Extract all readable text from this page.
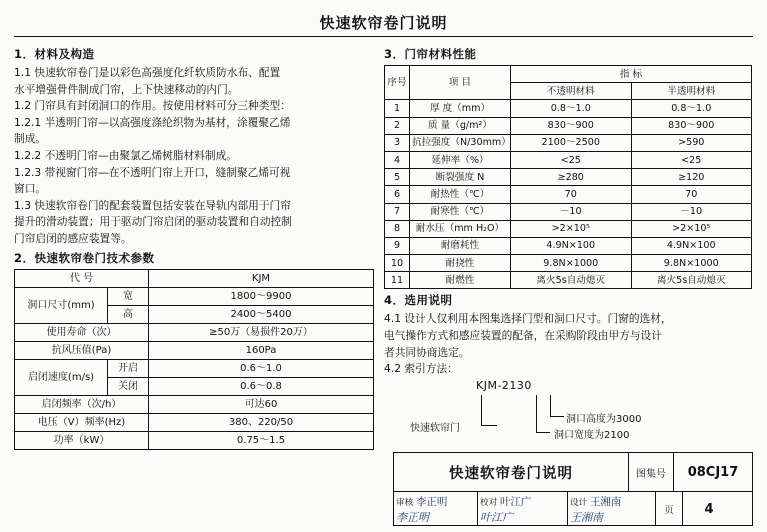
快速软帘卷门说明
1．材料及构造
1.1 快速软帘卷门是以彩色高强度化纤软质防水布、配置
水平增强骨件制成门帘，上下快速移动的内门。
1.2 门帘具有封闭洞口的作用。按使用材料可分三种类型：
1.2.1 半透明门帘—以高强度涤纶织物为基材，涂覆聚乙烯
制成。
1.2.2 不透明门帘—由聚氯乙烯树脂材料制成。
1.2.3 带视窗门帘—在不透明门帘上开口，缝制聚乙烯可视
窗口。
1.3 快速软帘卷门的配套装置包括安装在导轨内部用于门帘
提升的滑动装置；用于驱动门帘启闭的驱动装置和自动控制
门帘启闭的感应装置等。
2．快速软帘卷门技术参数
代 号		KJM
洞口尺寸(mm)	宽	1800～9900
	高	2400～5400
使用寿命（次）		≥50万（易损件20万）
抗风压值(Pa)		160Pa
启闭速度(m/s)	开启	0.6～1.0
	关闭	0.6～0.8
启闭频率（次/h）		可达60
电压（V）频率(Hz)		380、220/50
功率（kW）		0.75～1.5
3．门帘材料性能
序号	项 目	指 标	
		不透明材料	半透明材料
1	厚 度（mm）	0.8～1.0	0.8～1.0
2	质 量（g/m²）	830～900	830～900
3	抗拉强度（N/30mm）	2100～2500	>590
4	延伸率（%）	<25	<25
5	断裂强度 N	≥280	≥120
6	耐热性（℃）	70	70
7	耐寒性（℃）	－10	－10
8	耐水压（mm H₂O）	>2×10⁵	>2×10⁵
9	耐磨耗性	4.9N×100	4.9N×100
10	耐挠性	9.8N×1000	9.8N×1000
11	耐燃性	离火5s自动熄灭	离火5s自动熄灭
4．选用说明
4.1 设计人仅利用本图集选择门型和洞口尺寸。门窗的选材，
电气操作方式和感应装置的配备，在采购阶段由甲方与设计
者共同协商选定。
4.2 索引方法：
KJM-2130
快速软帘门
洞口高度为3000
洞口宽度为2100
快速软帘卷门说明	图集号	08CJ17
审核 李正明
李正明
校对 叶江广
叶江广
设计 王湘南
王湘南
页	4
